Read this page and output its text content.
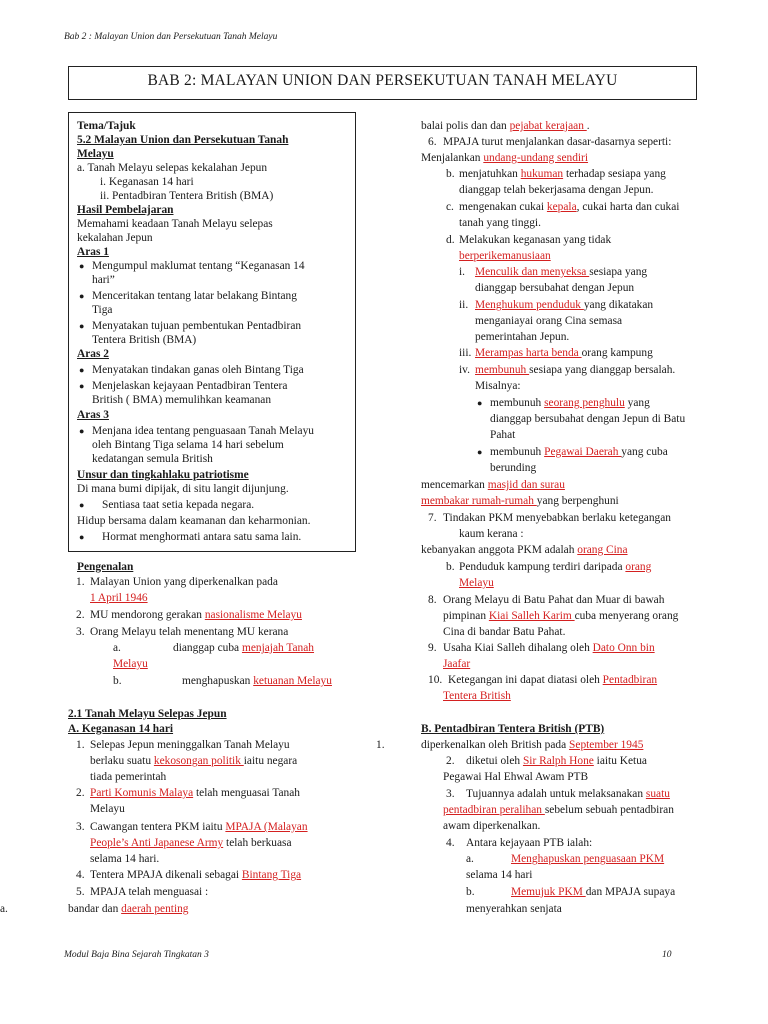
Bab 2 : Malayan Union dan Persekutuan Tanah Melayu
BAB 2: MALAYAN UNION DAN PERSEKUTUAN TANAH MELAYU
Tema/Tajuk
5.2 Malayan Union dan Persekutuan Tanah
Melayu
a. Tanah Melayu selepas kekalahan Jepun
i. Keganasan 14 hari
ii. Pentadbiran Tentera British (BMA)
Hasil Pembelajaran
Memahami keadaan Tanah Melayu selepas
kekalahan Jepun
Aras 1
● Mengumpul maklumat tentang “Keganasan 14
hari”
● Menceritakan tentang latar belakang Bintang
Tiga
● Menyatakan tujuan pembentukan Pentadbiran
Tentera British (BMA)
Aras 2
● Menyatakan tindakan ganas oleh Bintang Tiga
● Menjelaskan kejayaan Pentadbiran Tentera
British ( BMA) memulihkan keamanan
Aras 3
● Menjana idea tentang penguasaan Tanah Melayu
oleh Bintang Tiga selama 14 hari sebelum
kedatangan semula British
Unsur dan tingkahlaku patriotisme
Di mana bumi dipijak, di situ langit dijunjung.
● Sentiasa taat setia kepada negara.
Hidup bersama dalam keamanan dan keharmonian.
● Hormat menghormati antara satu sama lain.
Pengenalan
1. Malayan Union yang diperkenalkan pada
1 April 1946
2. MU mendorong gerakan nasionalisme Melayu
3. Orang Melayu telah menentang MU kerana
a.	dianggap cuba menjajah Tanah
Melayu
b.	menghapuskan ketuanan Melayu
2.1 Tanah Melayu Selepas Jepun
A. Keganasan 14 hari
1. Selepas Jepun meninggalkan Tanah Melayu
berlaku suatu kekosongan politik iaitu negara
tiada pemerintah
2. Parti Komunis Malaya telah menguasai Tanah
Melayu
3. Cawangan tentera PKM iaitu MPAJA (Malayan
People’s Anti Japanese Army telah berkuasa
selama 14 hari.
4. Tentera MPAJA dikenali sebagai Bintang Tiga
5. MPAJA telah menguasai :
a.	bandar dan daerah penting
balai polis dan dan pejabat kerajaan .
6. MPAJA turut menjalankan dasar-dasarnya seperti:
Menjalankan undang-undang sendiri
b. menjatuhkan hukuman terhadap sesiapa yang
dianggap telah bekerjasama dengan Jepun.
c. mengenakan cukai kepala, cukai harta dan cukai
tanah yang tinggi.
d. Melakukan keganasan yang tidak
berperikemanusiaan
i. Menculik dan menyeksa sesiapa yang
dianggap bersubahat dengan Jepun
ii. Menghukum penduduk yang dikatakan
menganiayai orang Cina semasa
pemerintahan Jepun.
iii. Merampas harta benda orang kampung
iv. membunuh sesiapa yang dianggap bersalah.
Misalnya:
● membunuh seorang penghulu yang
dianggap bersubahat dengan Jepun di Batu
Pahat
● membunuh Pegawai Daerah yang cuba
berunding
mencemarkan masjid dan surau
membakar rumah-rumah yang berpenghuni
7. Tindakan PKM menyebabkan berlaku ketegangan
kaum kerana :
kebanyakan anggota PKM adalah orang Cina
b. Penduduk kampung terdiri daripada orang
Melayu
8. Orang Melayu di Batu Pahat dan Muar di bawah
pimpinan Kiai Salleh Karim cuba menyerang orang
Cina di bandar Batu Pahat.
9. Usaha Kiai Salleh dihalang oleh Dato Onn bin
Jaafar
10. Ketegangan ini dapat diatasi oleh Pentadbiran
Tentera British
B. Pentadbiran Tentera British (PTB)
1.	diperkenalkan oleh British pada September 1945
2. diketui oleh Sir Ralph Hone iaitu Ketua
Pegawai Hal Ehwal Awam PTB
3. Tujuannya adalah untuk melaksanakan suatu
pentadbiran peralihan sebelum sebuah pentadbiran
awam diperkenalkan.
4. Antara kejayaan PTB ialah:
a.	Menghapuskan penguasaan PKM
selama 14 hari
b.	Memujuk PKM dan MPAJA supaya
menyerahkan senjata
Modul Baja Bina Sejarah Tingkatan 3	10
